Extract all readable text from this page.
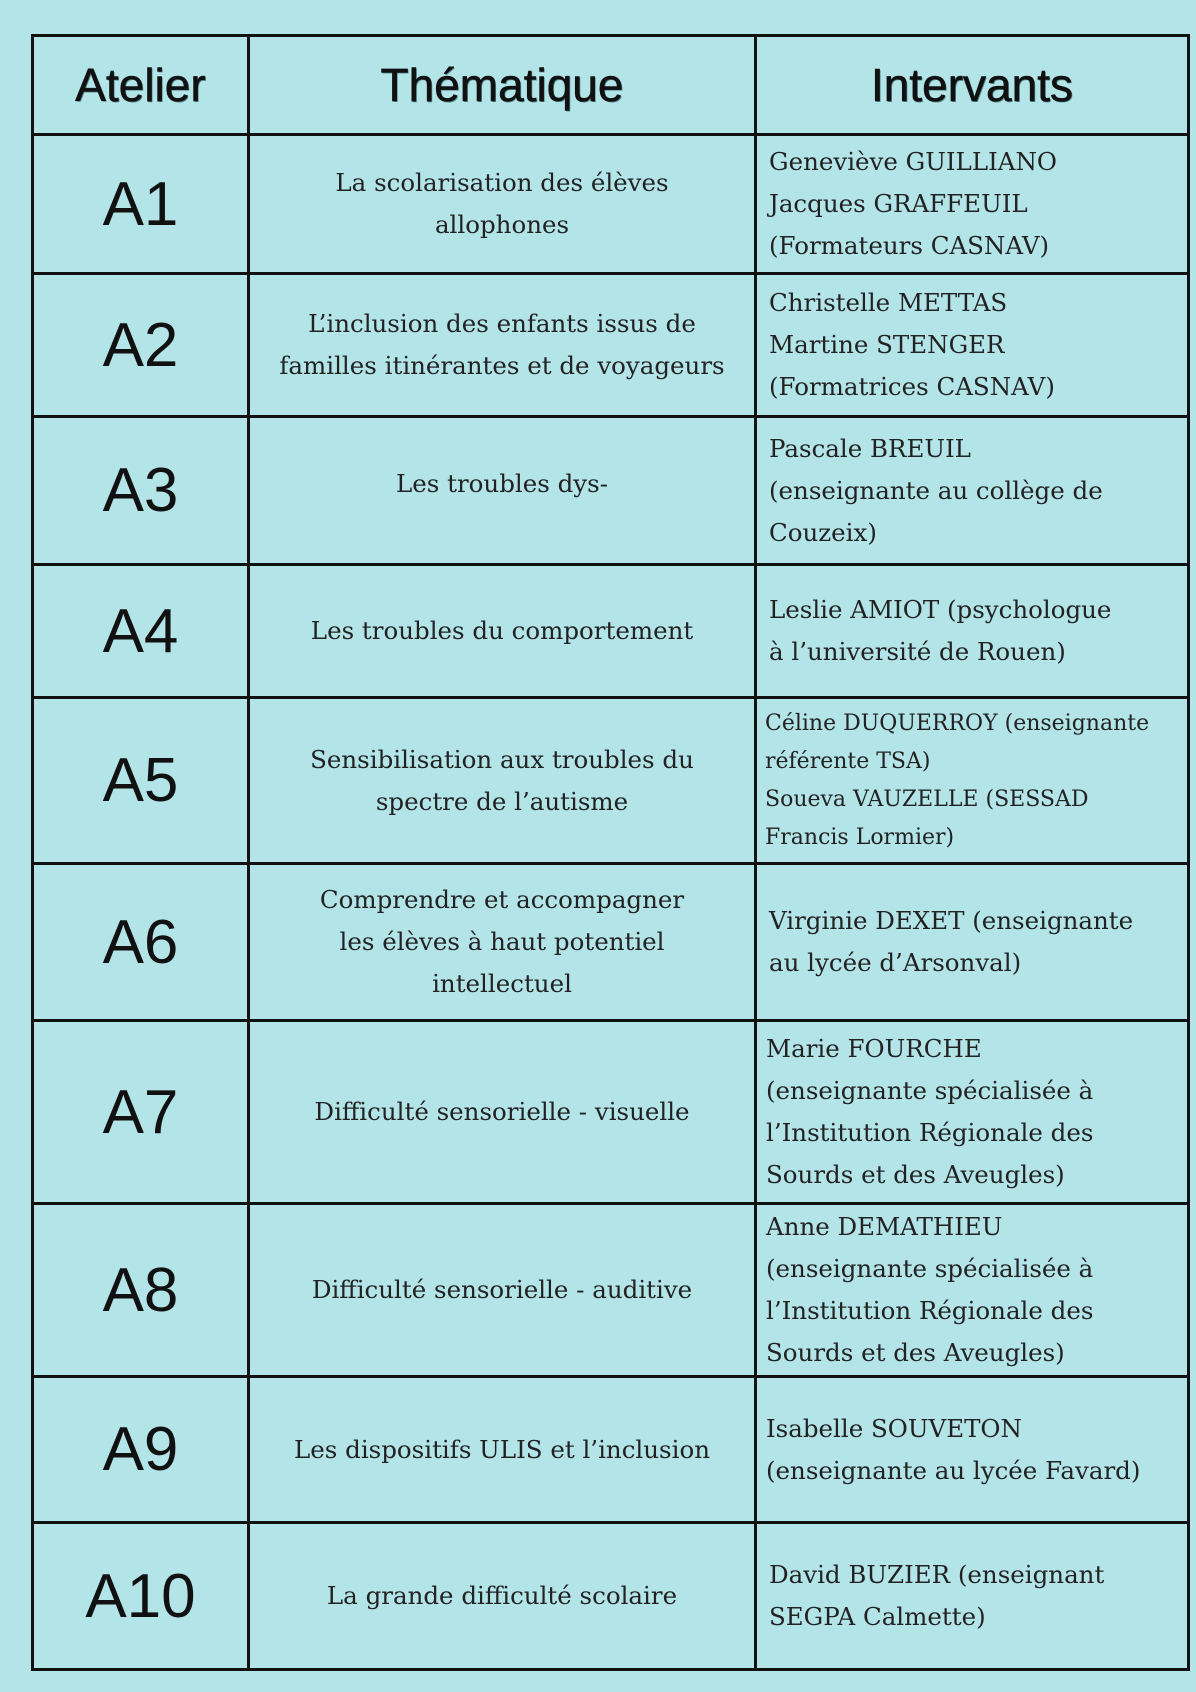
Atelier	Thématique	Intervants
A1	La scolarisation des élèves allophones	Geneviève GUILLIANO
Jacques GRAFFEUIL
(Formateurs CASNAV)

A2	L’inclusion des enfants issus de familles itinérantes et de voyageurs	Christelle METTAS
Martine STENGER
(Formatrices CASNAV)

A3	Les troubles dys-	Pascale BREUIL
(enseignante au collège de
Couzeix)

A4	Les troubles du comportement	Leslie AMIOT (psychologue
à l’université de Rouen)

A5	Sensibilisation aux troubles du spectre de l’autisme	Céline DUQUERROY (enseignante
référente TSA)
Soueva VAUZELLE (SESSAD
Francis Lormier)

A6	Comprendre et accompagner les élèves à haut potentiel intellectuel	Virginie DEXET (enseignante
au lycée d’Arsonval)

A7	Difficulté sensorielle - visuelle	Marie FOURCHE
(enseignante spécialisée à
l’Institution Régionale des
Sourds et des Aveugles)

A8	Difficulté sensorielle - auditive	Anne DEMATHIEU
(enseignante spécialisée à
l’Institution Régionale des
Sourds et des Aveugles)

A9	Les dispositifs ULIS et l’inclusion	Isabelle SOUVETON
(enseignante au lycée Favard)

A10	La grande difficulté scolaire	David BUZIER (enseignant
SEGPA Calmette)
